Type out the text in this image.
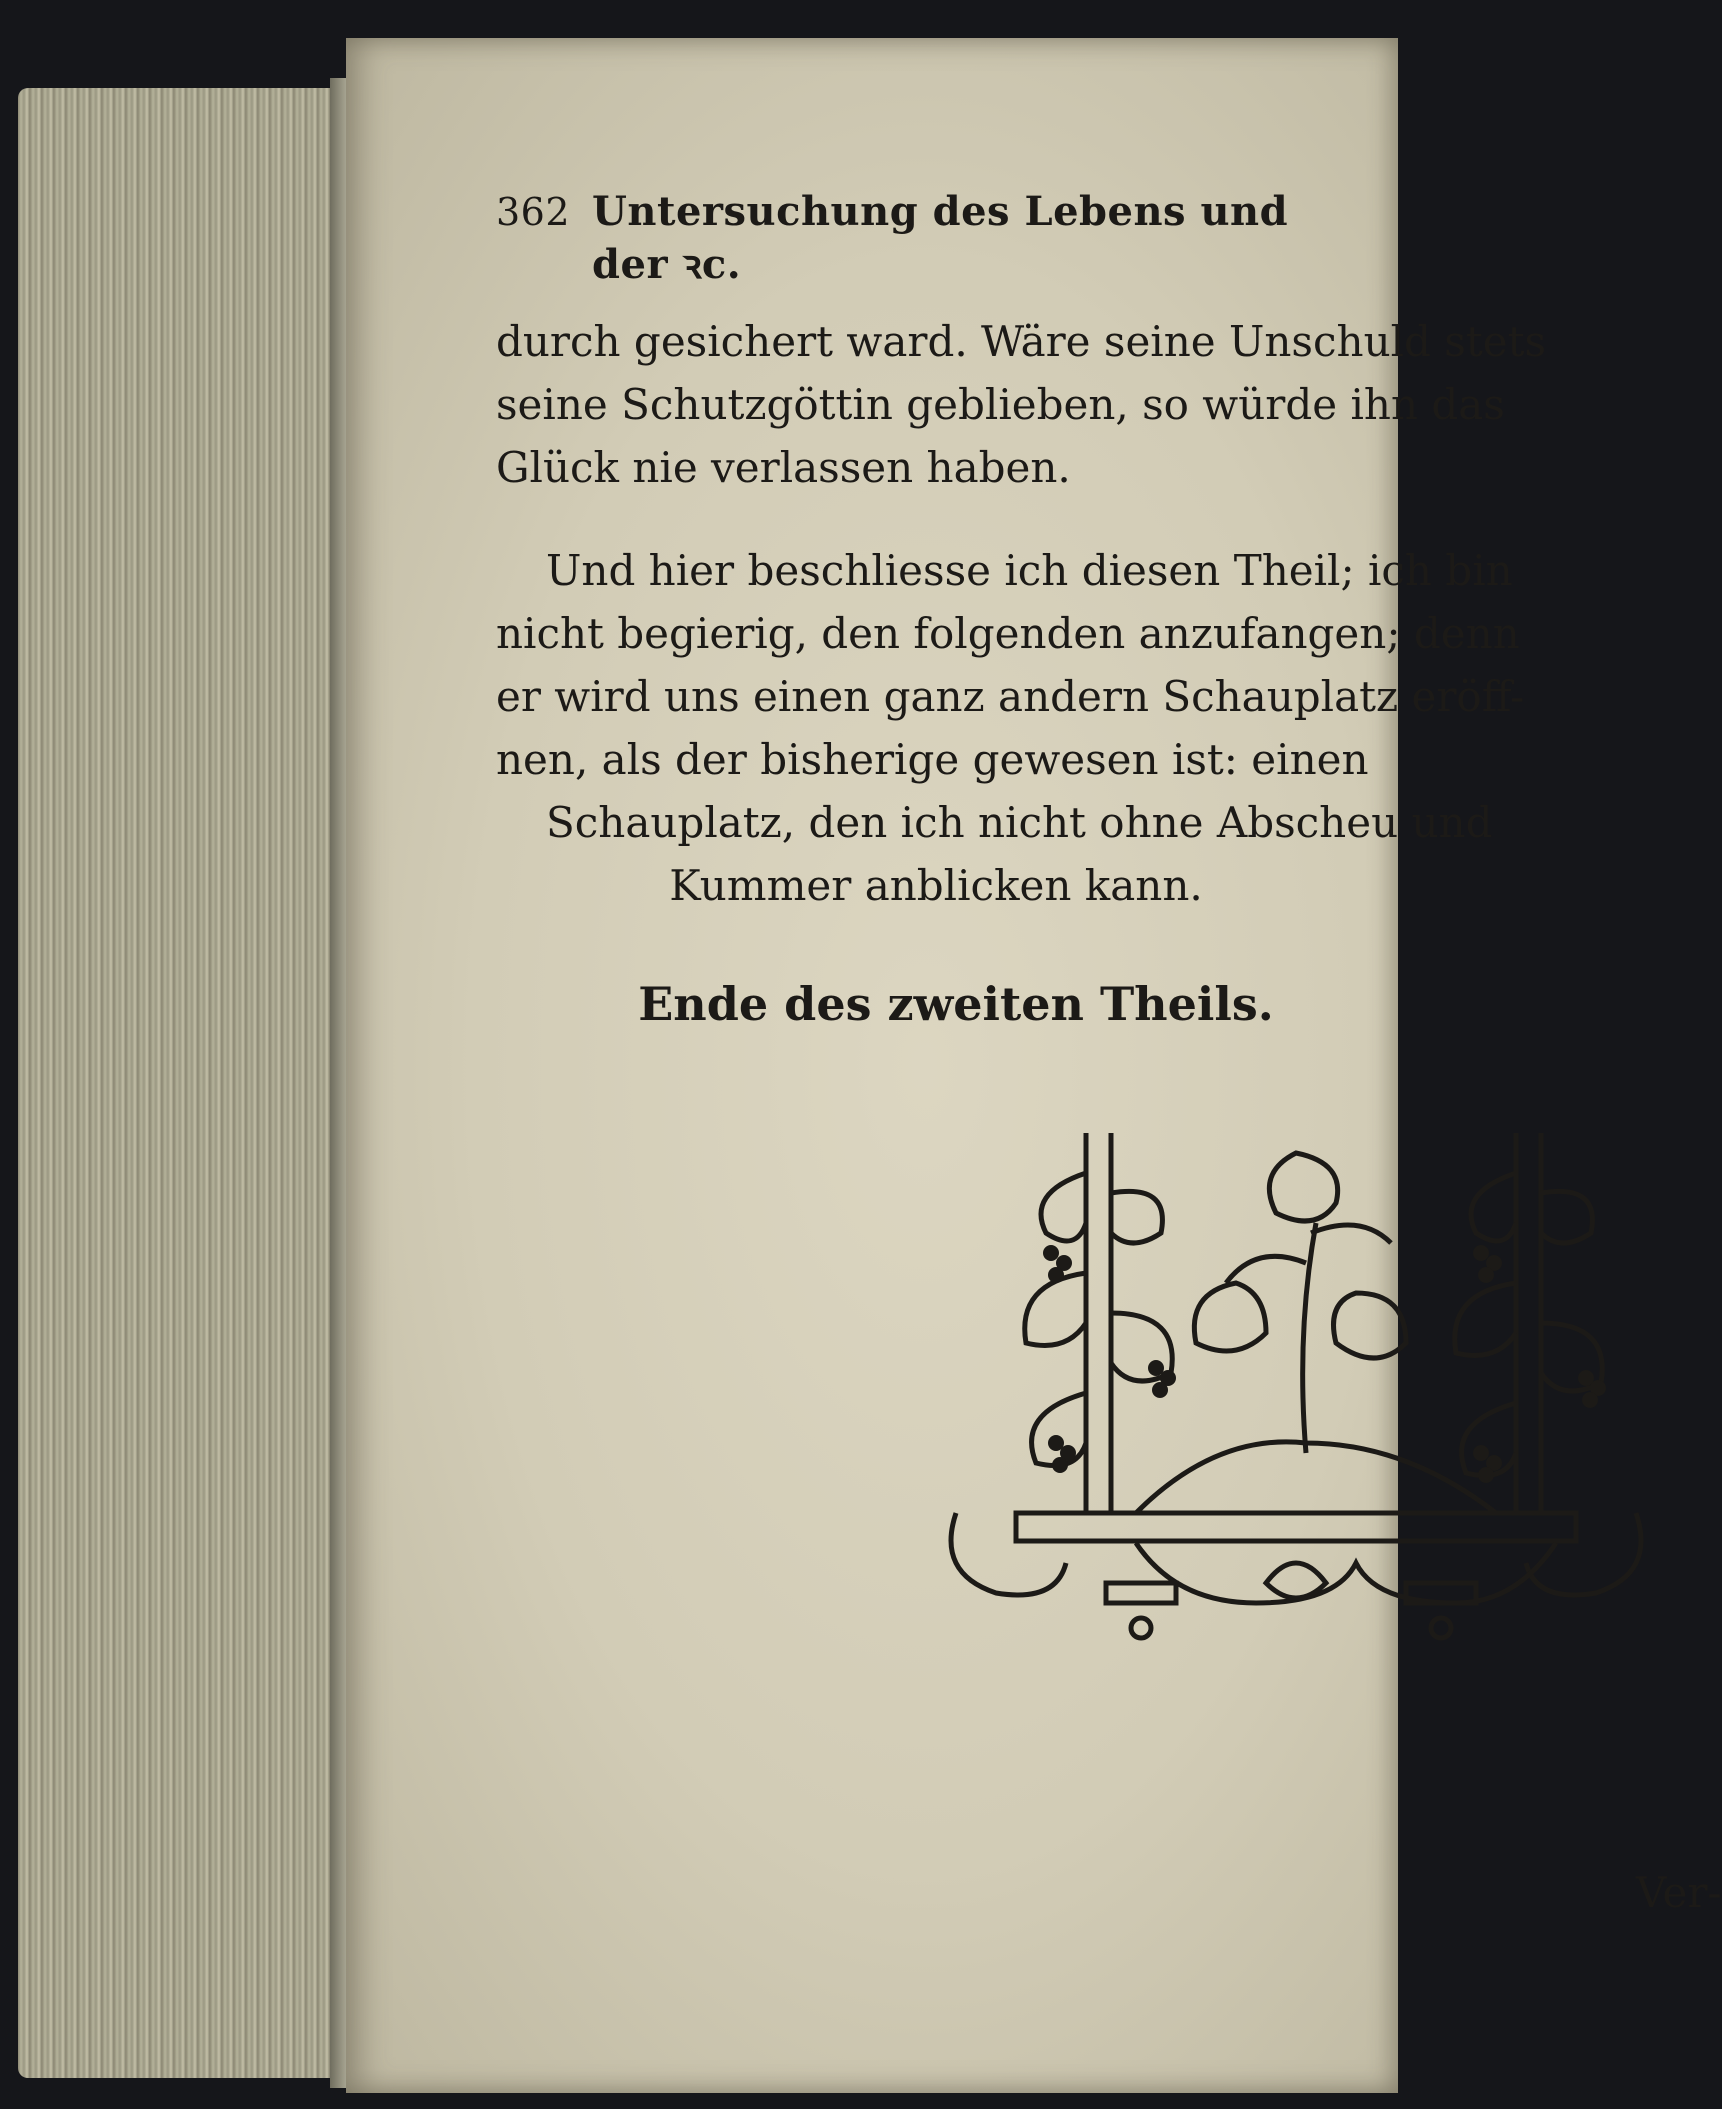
362 Untersuchung des Lebens und der ꝛc.
durch gesichert ward. Wäre seine Unschuld stets
seine Schutzgöttin geblieben, so würde ihn das
Glück nie verlassen haben.
Und hier beschliesse ich diesen Theil; ich bin
nicht begierig, den folgenden anzufangen; denn
er wird uns einen ganz andern Schauplatz eröff-
nen, als der bisherige gewesen ist: einen
Schauplatz, den ich nicht ohne Abscheu und
Kummer anblicken kann.
Ende des zweiten Theils.
Ver-
